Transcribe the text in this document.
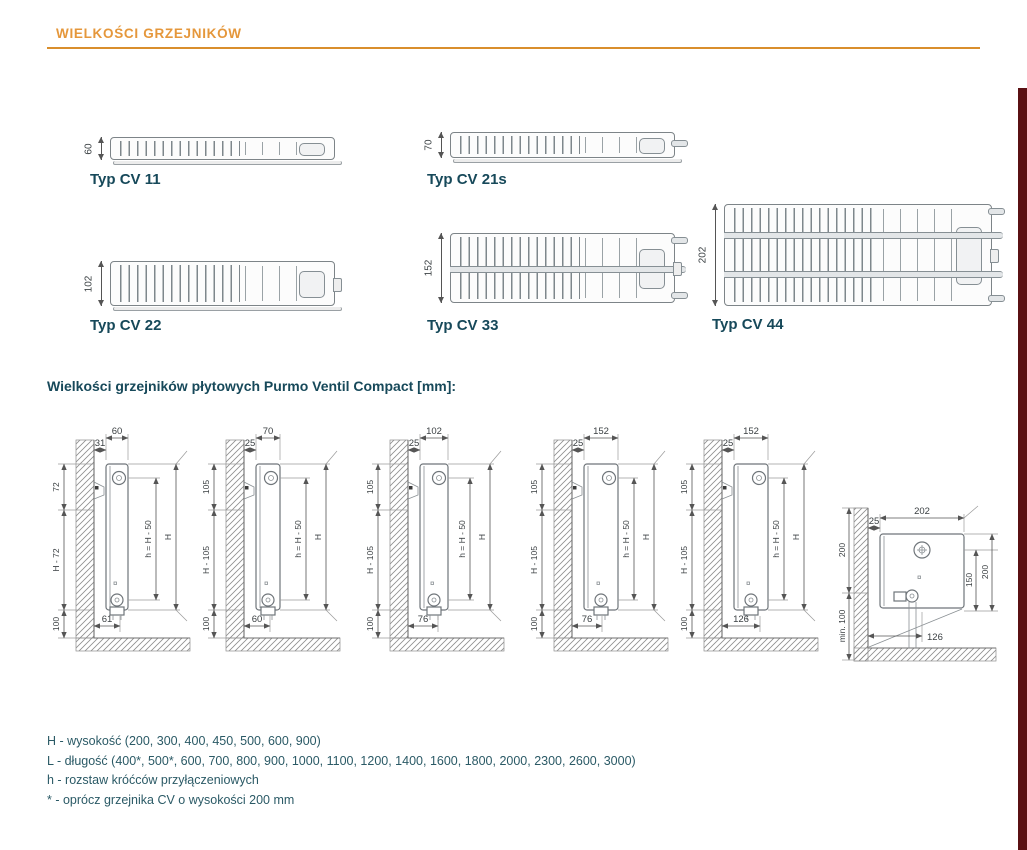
WIELKOŚCI GRZEJNIKÓW
60
Typ CV 11
70
Typ CV 21s
102
Typ CV 22
152
Typ CV 33
202
Typ CV 44
Wielkości grzejników płytowych Purmo Ventil Compact [mm]:
60
31
72
H - 72
100
h = H - 50 H
61
70
25
105
H - 105
100
h = H - 50 H
60
102
25
105
H - 105
100
h = H - 50 H
76
152
25
105
H - 105
100
h = H - 50 H
76
152
25
105
H - 105
100
h = H - 50 H
126
202
25
150
200
200
min. 100	126
H - wysokość (200, 300, 400, 450, 500, 600, 900)
L - długość (400*, 500*, 600, 700, 800, 900, 1000, 1100, 1200, 1400, 1600, 1800, 2000, 2300, 2600, 3000)
h - rozstaw króćców przyłączeniowych
* - oprócz grzejnika CV o wysokości 200 mm
